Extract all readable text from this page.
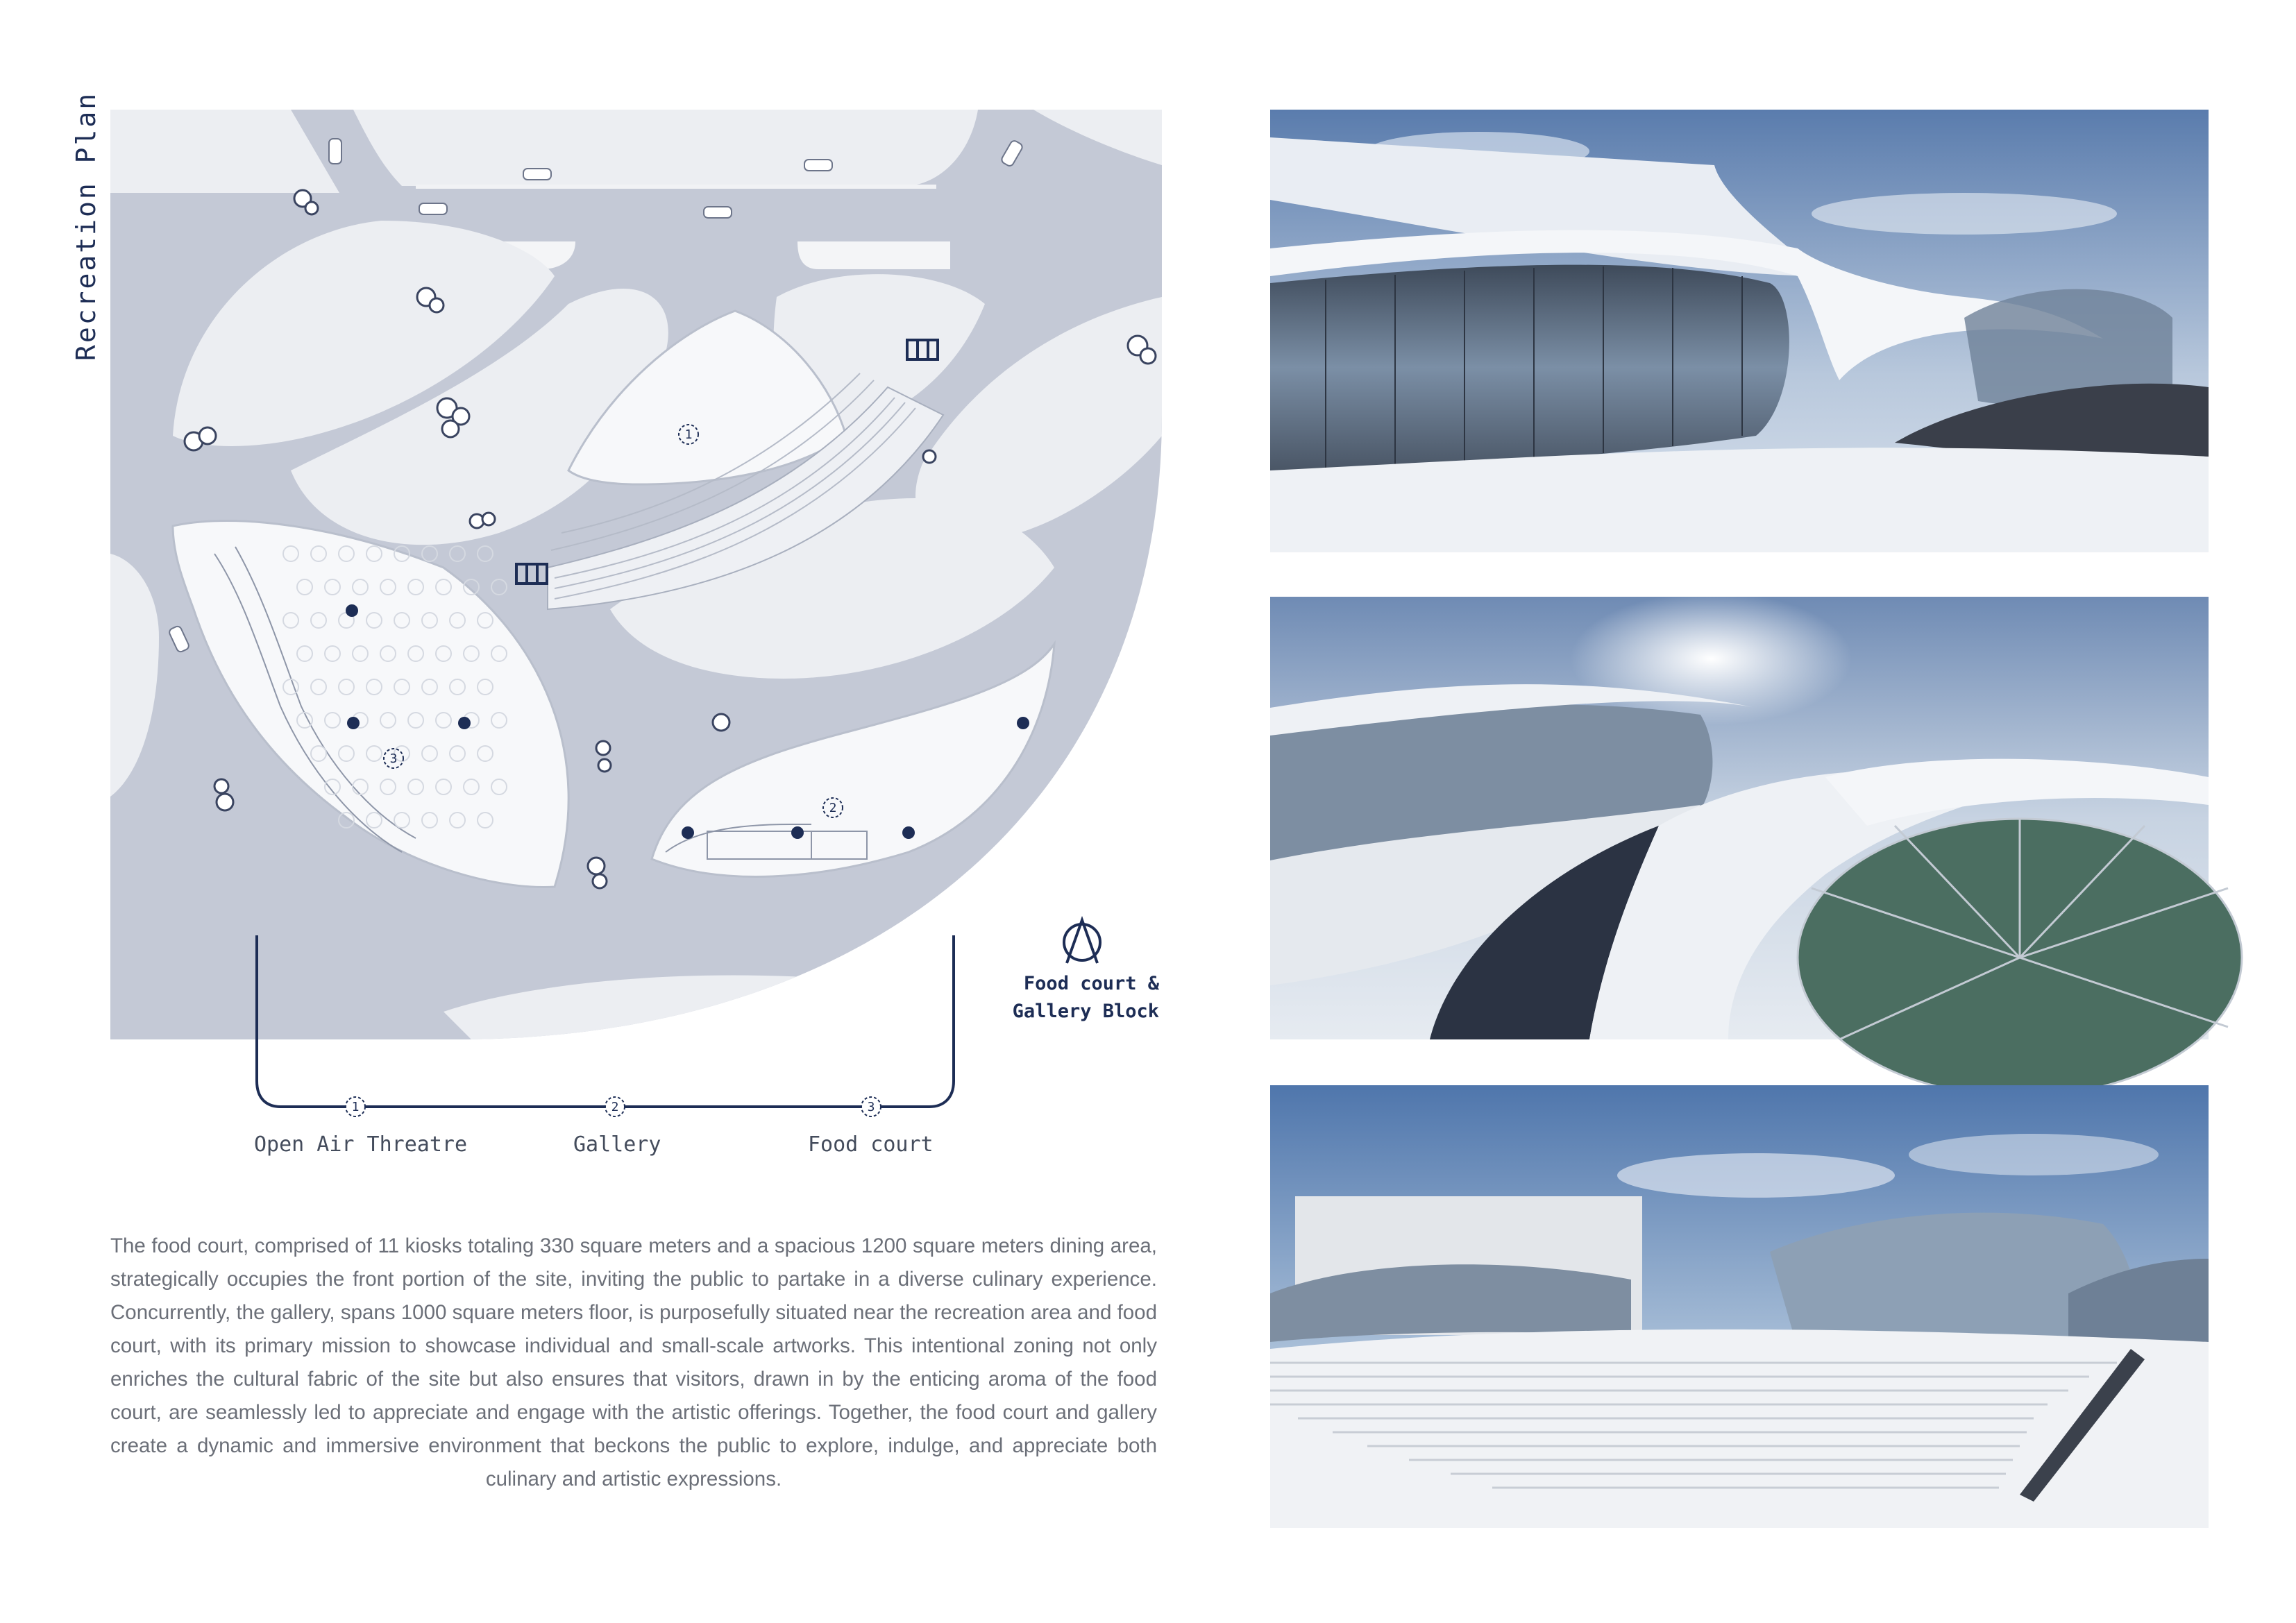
Recreation Plan
1
2
3
1	2	3
Open Air Threatre	Gallery	Food court
Food court &
Gallery Block
The food court, comprised of 11 kiosks totaling 330 square meters and a spacious 1200 square meters dining area, strategically occupies the front portion of the site, inviting the public to partake in a diverse culinary experience. Concurrently, the gallery, spans 1000 square meters floor, is purposefully situated near the recreation area and food court, with its primary mission to showcase individual and small-scale artworks. This intentional zoning not only enriches the cultural fabric of the site but also ensures that visitors, drawn in by the enticing aroma of the food court, are seamlessly led to appreciate and engage with the artistic offerings. Together, the food court and gallery create a dynamic and immersive environment that beckons the public to explore, indulge, and appreciate both culinary and artistic expressions.
